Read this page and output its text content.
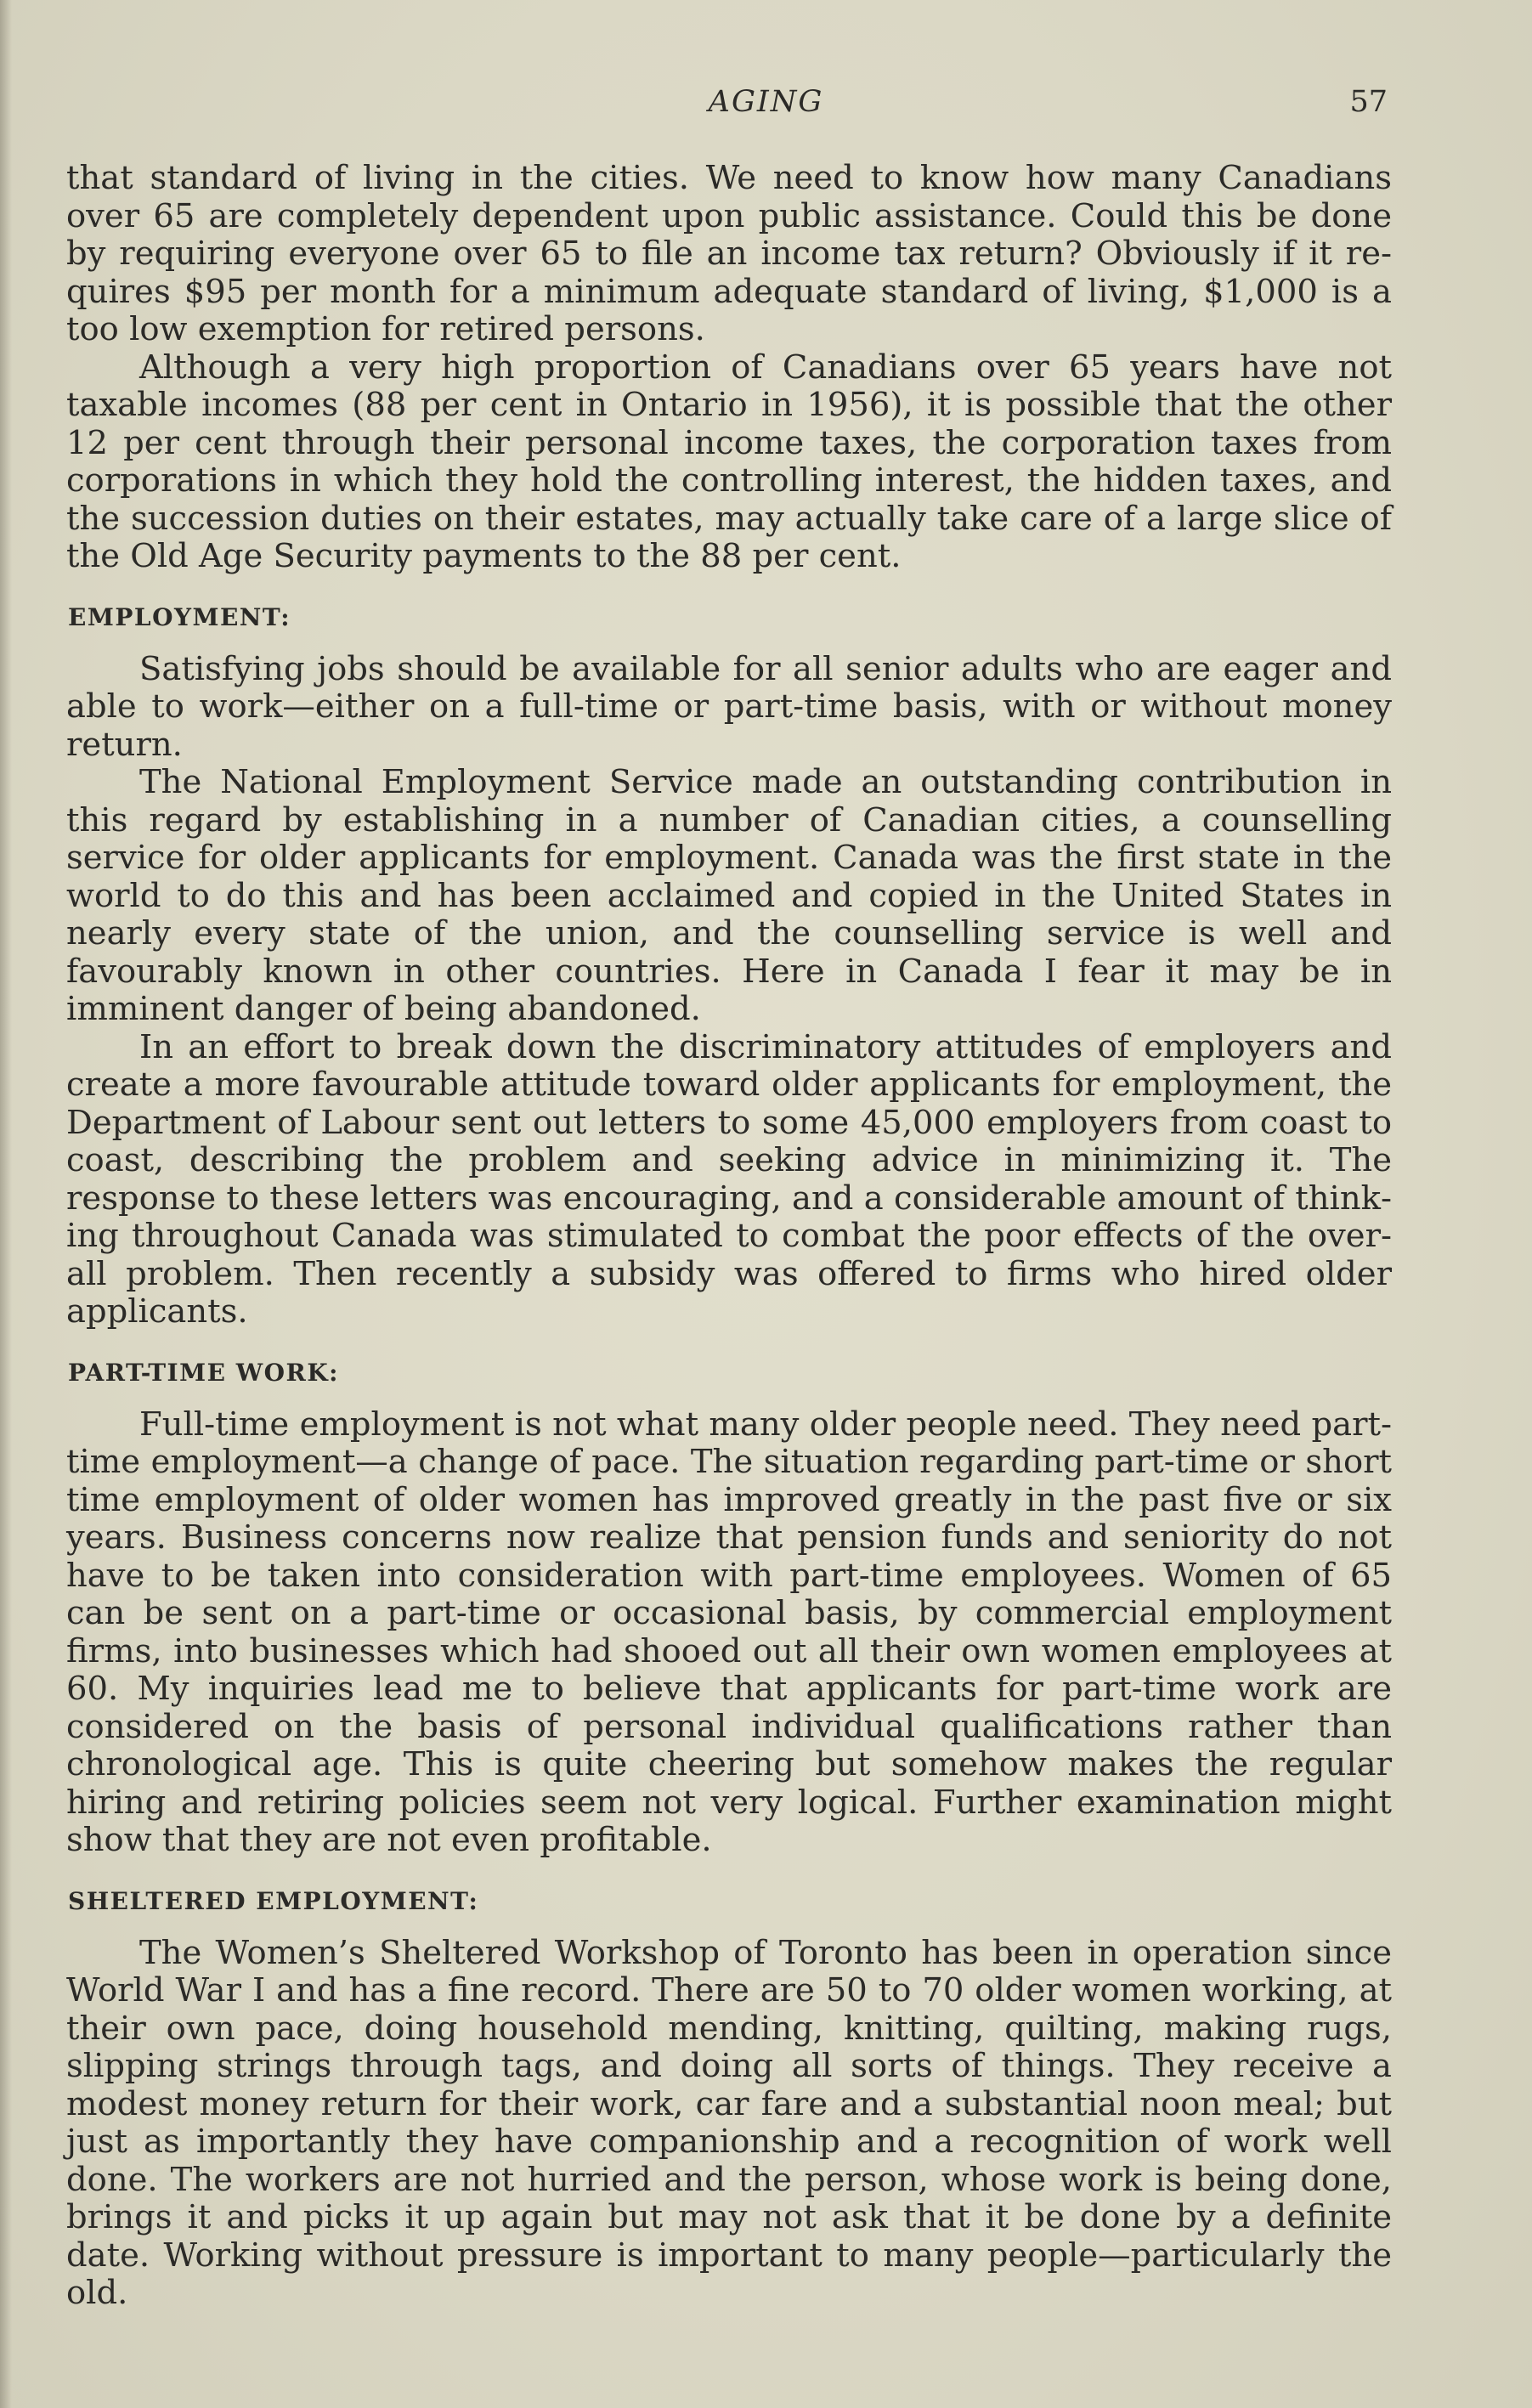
AGING	57

that standard of living in the cities. We need to know how many Canadians over 65 are completely dependent upon public assistance. Could this be done by requiring everyone over 65 to file an income tax return? Obviously if it requires $95 per month for a minimum adequate standard of living, $1,000 is a too low exemption for retired persons.

Although a very high proportion of Canadians over 65 years have not taxable incomes (88 per cent in Ontario in 1956), it is possible that the other 12 per cent through their personal income taxes, the corporation taxes from corporations in which they hold the controlling interest, the hidden taxes, and the succession duties on their estates, may actually take care of a large slice of the Old Age Security payments to the 88 per cent.

EMPLOYMENT:

Satisfying jobs should be available for all senior adults who are eager and able to work—either on a full-time or part-time basis, with or without money return.

The National Employment Service made an outstanding contribution in this regard by establishing in a number of Canadian cities, a counselling service for older applicants for employment. Canada was the first state in the world to do this and has been acclaimed and copied in the United States in nearly every state of the union, and the counselling service is well and favourably known in other countries. Here in Canada I fear it may be in imminent danger of being abandoned.

In an effort to break down the discriminatory attitudes of employers and create a more favourable attitude toward older applicants for employment, the Department of Labour sent out letters to some 45,000 employers from coast to coast, describing the problem and seeking advice in minimizing it. The response to these letters was encouraging, and a considerable amount of thinking throughout Canada was stimulated to combat the poor effects of the over-all problem. Then recently a subsidy was offered to firms who hired older applicants.

PART-TIME WORK:

Full-time employment is not what many older people need. They need part-time employment—a change of pace. The situation regarding part-time or short time employment of older women has improved greatly in the past five or six years. Business concerns now realize that pension funds and seniority do not have to be taken into consideration with part-time employees. Women of 65 can be sent on a part-time or occasional basis, by commercial employment firms, into businesses which had shooed out all their own women employees at 60. My inquiries lead me to believe that applicants for part-time work are considered on the basis of personal individual qualifications rather than chronological age. This is quite cheering but somehow makes the regular hiring and retiring policies seem not very logical. Further examination might show that they are not even profitable.

SHELTERED EMPLOYMENT:

The Women’s Sheltered Workshop of Toronto has been in operation since World War I and has a fine record. There are 50 to 70 older women working, at their own pace, doing household mending, knitting, quilting, making rugs, slipping strings through tags, and doing all sorts of things. They receive a modest money return for their work, car fare and a substantial noon meal; but just as importantly they have companionship and a recognition of work well done. The workers are not hurried and the person, whose work is being done, brings it and picks it up again but may not ask that it be done by a definite date. Working without pressure is important to many people—particularly the old.
